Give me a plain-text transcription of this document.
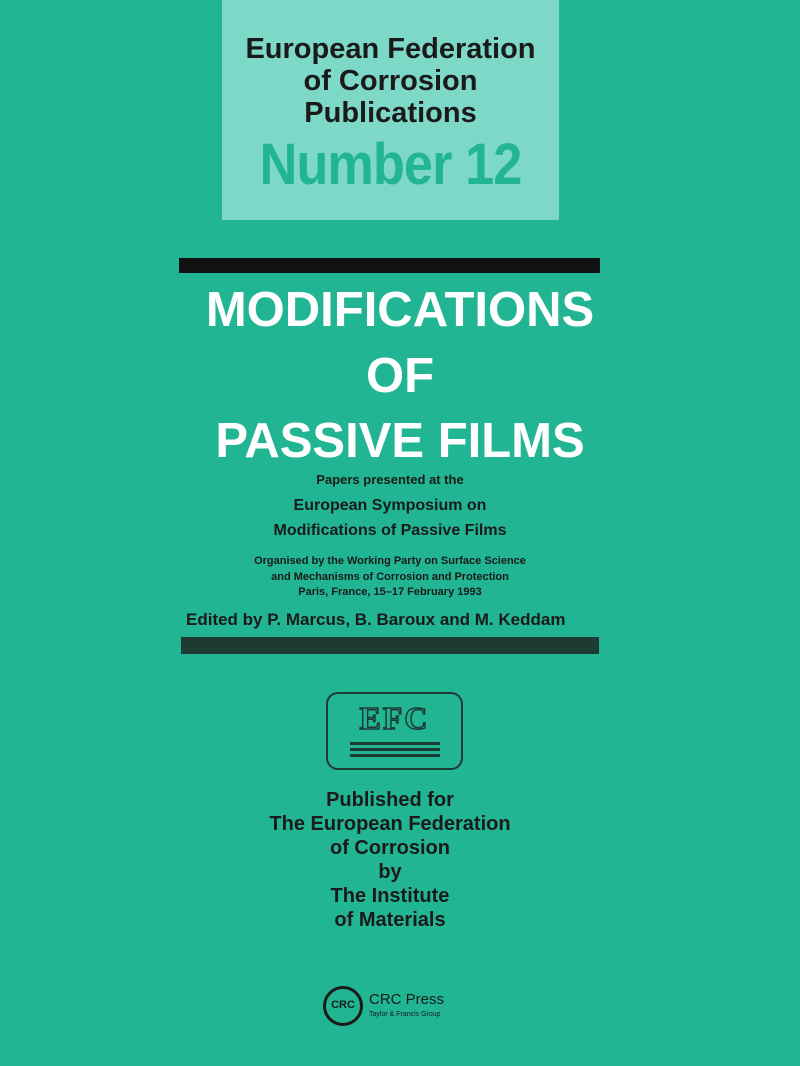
European Federation
of Corrosion
Publications
Number 12
MODIFICATIONS
OF
PASSIVE FILMS
Papers presented at the
European Symposium on
Modifications of Passive Films
Organised by the Working Party on Surface Science
and Mechanisms of Corrosion and Protection
Paris, France, 15–17 February 1993
Edited by P. Marcus, B. Baroux and M. Keddam
EFC
Published for
The European Federation
of Corrosion
by
The Institute
of Materials
CRC CRC Press
Taylor & Francis Group
